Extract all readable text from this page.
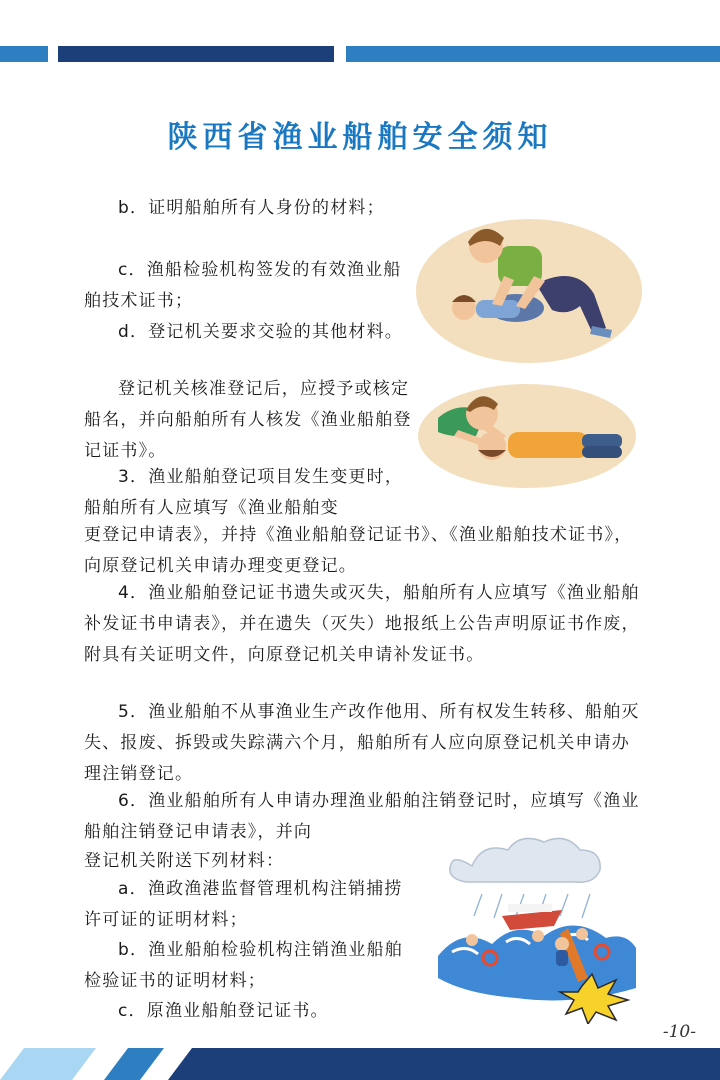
陕西省渔业船舶安全须知

b．证明船舶所有人身份的材料；

c．渔船检验机构签发的有效渔业船舶技术证书；

d．登记机关要求交验的其他材料。

登记机关核准登记后，应授予或核定船名，并向船舶所有人核发《渔业船舶登记证书》。

3．渔业船舶登记项目发生变更时，船舶所有人应填写《渔业船舶变

更登记申请表》，并持《渔业船舶登记证书》、《渔业船舶技术证书》，向原登记机关申请办理变更登记。

4．渔业船舶登记证书遗失或灭失，船舶所有人应填写《渔业船舶补发证书申请表》，并在遗失（灭失）地报纸上公告声明原证书作废，附具有关证明文件，向原登记机关申请补发证书。

5．渔业船舶不从事渔业生产改作他用、所有权发生转移、船舶灭失、报废、拆毁或失踪满六个月，船舶所有人应向原登记机关申请办理注销登记。

6．渔业船舶所有人申请办理渔业船舶注销登记时，应填写《渔业船舶注销登记申请表》，并向

登记机关附送下列材料：

a．渔政渔港监督管理机构注销捕捞许可证的证明材料；

b．渔业船舶检验机构注销渔业船舶检验证书的证明材料；

c．原渔业船舶登记证书。

-10-
